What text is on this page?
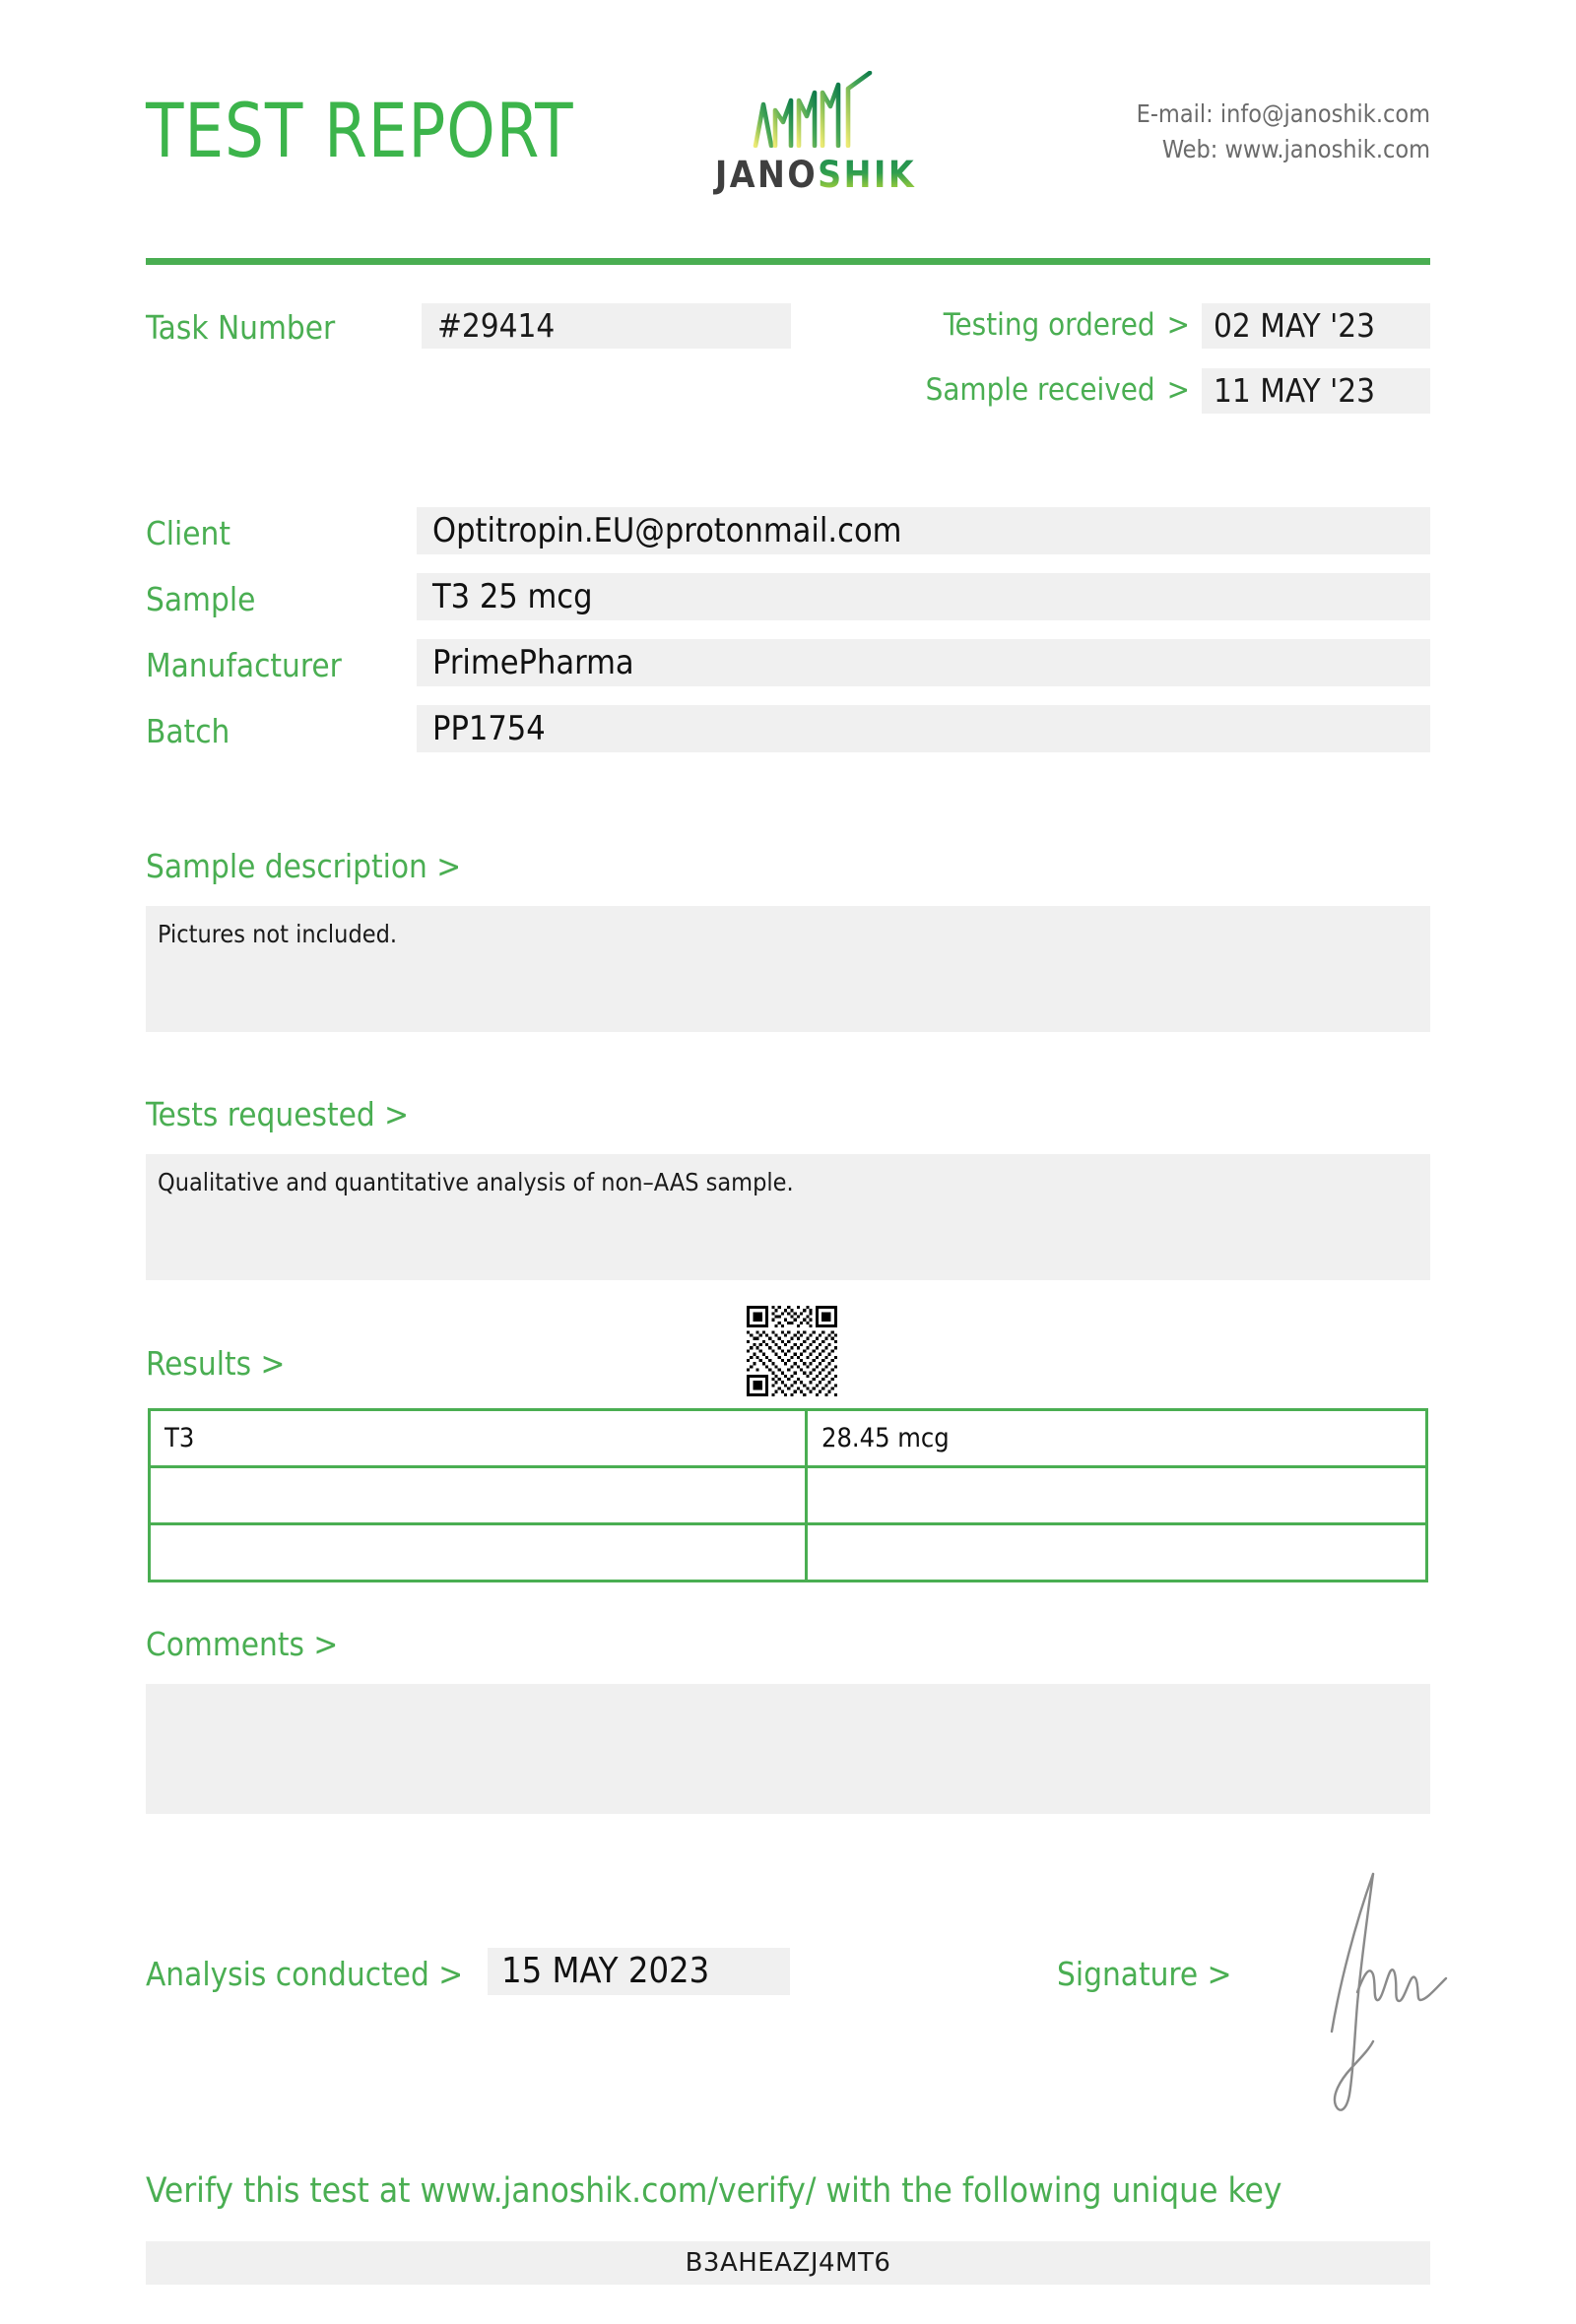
TEST REPORT
JANOSHIK
E-mail: info@janoshik.com
Web: www.janoshik.com
Task Number	#29414	Testing ordered > 02 MAY '23
Sample received > 11 MAY '23
Client	Optitropin.EU@protonmail.com
Sample	T3 25 mcg
Manufacturer	PrimePharma
Batch	PP1754
Sample description >
Pictures not included.
Tests requested >
Qualitative and quantitative analysis of non–AAS sample.
Results >
T3	28.45 mcg

Comments >
Analysis conducted >	15 MAY 2023	Signature >
Verify this test at www.janoshik.com/verify/ with the following unique key
B3AHEAZJ4MT6
